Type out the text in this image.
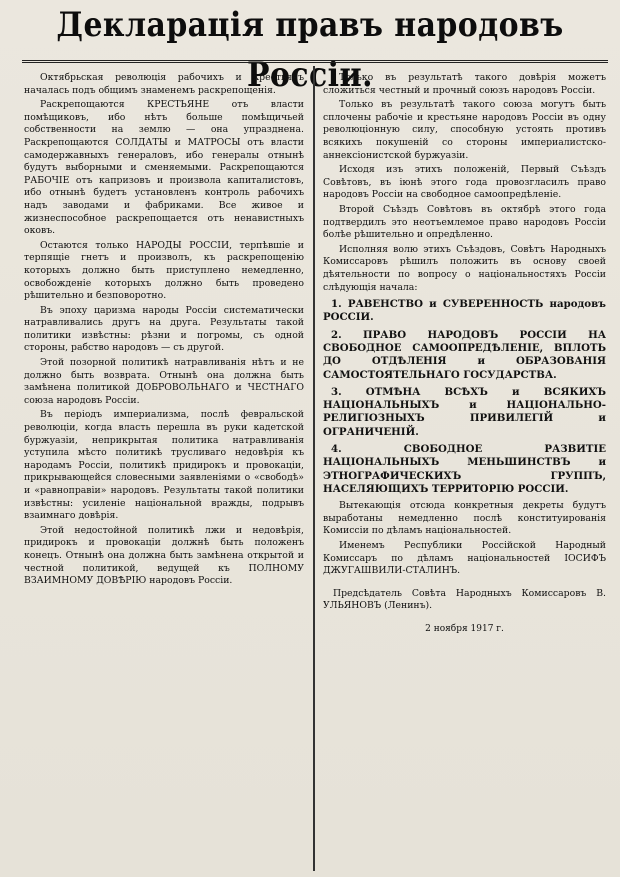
Декларація правъ народовъ Россіи.

Октябрьская революція рабочихъ и крестьянъ началась подъ общимъ знаменемъ раскрепощенія.

Раскрепощаются КРЕСТЬЯНЕ отъ власти помѣщиковъ, ибо нѣтъ больше помѣщичьей собственности на землю — она упразднена. Раскрепощаются СОЛДАТЫ и МАТРОСЫ отъ власти самодержавныхъ генераловъ, ибо генералы отнынѣ будутъ выборными и сменяемыми. Раскрепощаются РАБОЧІЕ отъ капризовъ и произвола капиталистовъ, ибо отнынѣ будетъ установленъ контроль рабочихъ надъ заводами и фабриками. Все живое и жизнеспособное раскрепощается отъ ненавистныхъ оковъ.

Остаются только НАРОДЫ РОССІИ, терпѣвшіе и терпящіе гнетъ и произволъ, къ раскрепощенію которыхъ должно быть приступлено немедленно, освобожденіе которыхъ должно быть проведено рѣшительно и безповоротно.

Въ эпоху царизма народы Россіи систематически натравливались другъ на друга. Результаты такой политики извѣстны: рѣзни и погромы, съ одной стороны, рабство народовъ — съ другой.

Этой позорной политикѣ натравливанія нѣтъ и не должно быть возврата. Отнынѣ она должна быть замѣнена политикой ДОБРОВОЛЬНАГО и ЧЕСТНАГО союза народовъ Россіи.

Въ періодъ империализма, послѣ февральской революціи, когда власть перешла въ руки кадетской буржуазіи, неприкрытая политика натравливанія уступила мѣсто политикѣ трусливаго недовѣрія къ народамъ Россіи, политикѣ придирокъ и провокаціи, прикрывающейся словесными заявленіями о «свободѣ» и «равноправіи» народовъ. Результаты такой политики извѣстны: усиленіе національной вражды, подрывъ взаимнаго довѣрія.

Этой недостойной политикѣ лжи и недовѣрія, придирокъ и провокаціи должнѣ быть положенъ конецъ. Отнынѣ она должна быть замѣнена открытой и честной политикой, ведущей къ ПОЛНОМУ ВЗАИМНОМУ ДОВѢРІЮ народовъ Россіи.

Только въ результатѣ такого довѣрія можетъ сложиться честный и прочный союзъ народовъ Россіи.

Только въ результатѣ такого союза могутъ быть сплочены рабочіе и крестьяне народовъ Россіи въ одну революціонную силу, способную устоять противъ всякихъ покушеній со стороны империалистско-аннексіонистской буржуазіи.

Исходя изъ этихъ положеній, Первый Съѣздъ Совѣтовъ, въ іюнѣ этого года провозгласилъ право народовъ Россіи на свободное самоопредѣленіе.

Второй Съѣздъ Совѣтовъ въ октябрѣ этого года подтвердилъ это неотъемлемое право народовъ Россіи болѣе рѣшительно и опредѣленно.

Исполняя волю этихъ Съѣздовъ, Совѣтъ Народныхъ Комиссаровъ рѣшилъ положить въ основу своей дѣятельности по вопросу о національностяхъ Россіи слѣдующія начала:

1. РАВЕНСТВО и СУВЕРЕННОСТЬ народовъ РОССІИ.

2. ПРАВО НАРОДОВЪ РОССІИ НА СВОБОДНОЕ САМООПРЕДѢЛЕНІЕ, ВПЛОТЬ ДО ОТДѢЛЕНІЯ и ОБРАЗОВАНІЯ САМОСТОЯТЕЛЬНАГО ГОСУДАРСТВА.

3. ОТМѢНА ВСѢХЪ и ВСЯКИХЪ НАЦІОНАЛЬНЫХЪ и НАЦІОНАЛЬНО-РЕЛИГІОЗНЫХЪ ПРИВИЛЕГІЙ и ОГРАНИЧЕНІЙ.

4. СВОБОДНОЕ РАЗВИТІЕ НАЦІОНАЛЬНЫХЪ МЕНЬШИНСТВЪ и ЭТНОГРАФИЧЕСКИХЪ ГРУППЪ, НАСЕЛЯЮЩИХЪ ТЕРРИТОРІЮ РОССІИ.

Вытекающія отсюда конкретныя декреты будутъ выработаны немедленно послѣ конституированія Комиссіи по дѣламъ національностей.

Именемъ Республики Россійской Народный Комиссаръ по дѣламъ національностей ІОСИФЪ ДЖУГАШВИЛИ-СТАЛИНЪ.

Предсѣдатель Совѣта Народныхъ Комиссаровъ В. УЛЬЯНОВЪ (Ленинъ).

2 ноября 1917 г.
